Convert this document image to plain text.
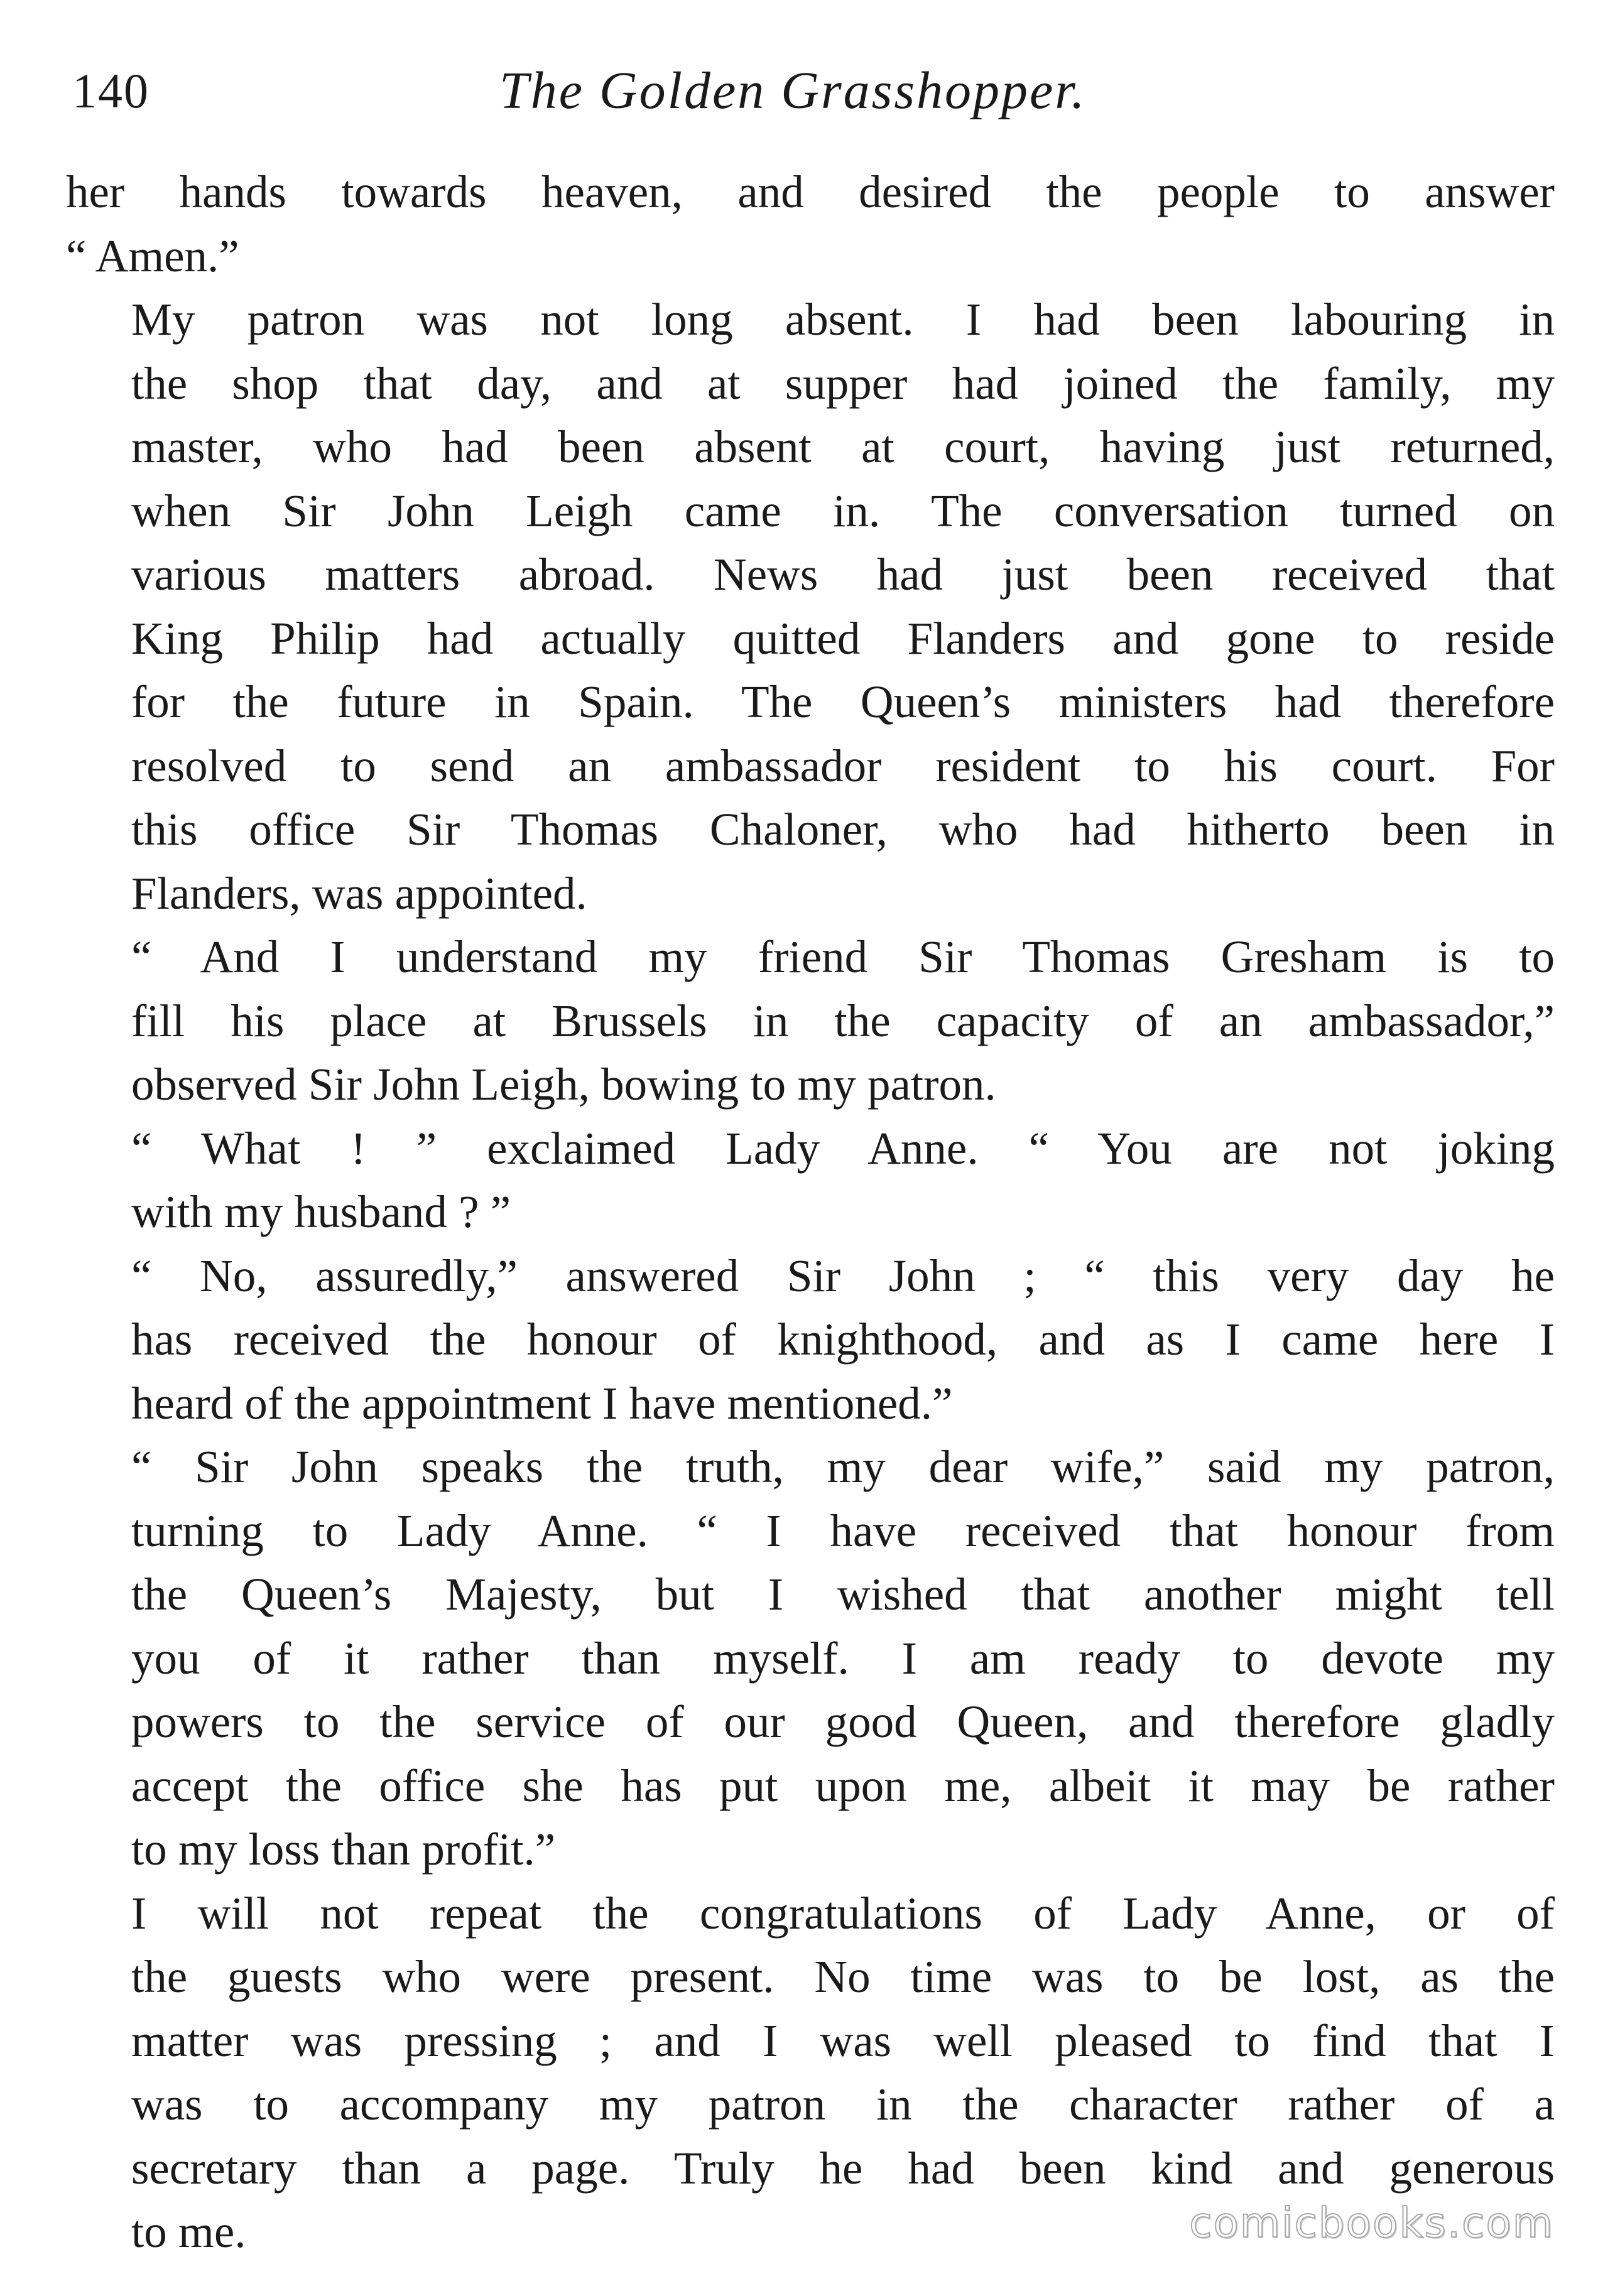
140	The Golden Grasshopper.

her hands towards heaven, and desired the people to answer
“ Amen.”

My patron was not long absent. I had been labouring in
the shop that day, and at supper had joined the family, my
master, who had been absent at court, having just returned,
when Sir John Leigh came in. The conversation turned on
various matters abroad. News had just been received that
King Philip had actually quitted Flanders and gone to reside
for the future in Spain. The Queen’s ministers had therefore
resolved to send an ambassador resident to his court. For
this office Sir Thomas Chaloner, who had hitherto been in
Flanders, was appointed.

“ And I understand my friend Sir Thomas Gresham is to
fill his place at Brussels in the capacity of an ambassador,”
observed Sir John Leigh, bowing to my patron.

“ What ! ” exclaimed Lady Anne. “ You are not joking
with my husband ? ”

“ No, assuredly,” answered Sir John ; “ this very day he
has received the honour of knighthood, and as I came here I
heard of the appointment I have mentioned.”

“ Sir John speaks the truth, my dear wife,” said my patron,
turning to Lady Anne. “ I have received that honour from
the Queen’s Majesty, but I wished that another might tell
you of it rather than myself. I am ready to devote my
powers to the service of our good Queen, and therefore gladly
accept the office she has put upon me, albeit it may be rather
to my loss than profit.”

I will not repeat the congratulations of Lady Anne, or of
the guests who were present. No time was to be lost, as the
matter was pressing ; and I was well pleased to find that I
was to accompany my patron in the character rather of a
secretary than a page. Truly he had been kind and generous
to me.	comicbooks.com
